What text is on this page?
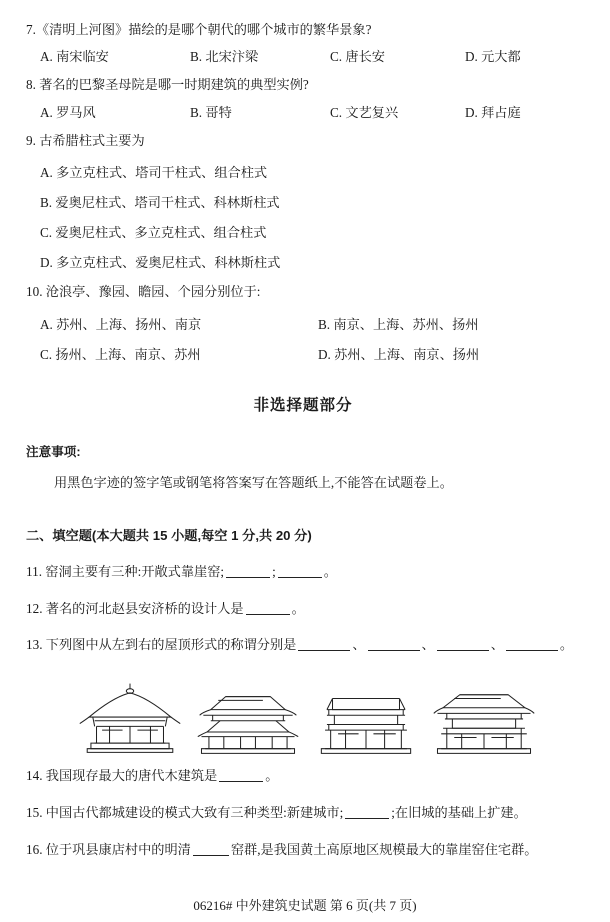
7.《清明上河图》描绘的是哪个朝代的哪个城市的繁华景象?
A. 南宋临安	B. 北宋汴梁	C. 唐长安	D. 元大都
8. 著名的巴黎圣母院是哪一时期建筑的典型实例?
A. 罗马风	B. 哥特	C. 文艺复兴	D. 拜占庭
9. 古希腊柱式主要为
A. 多立克柱式、塔司干柱式、组合柱式
B. 爱奥尼柱式、塔司干柱式、科林斯柱式
C. 爱奥尼柱式、多立克柱式、组合柱式
D. 多立克柱式、爱奥尼柱式、科林斯柱式
10. 沧浪亭、豫园、瞻园、个园分别位于:
A. 苏州、上海、扬州、南京	B. 南京、上海、苏州、扬州
C. 扬州、上海、南京、苏州	D. 苏州、上海、南京、扬州
非选择题部分
注意事项:
用黑色字迹的签字笔或钢笔将答案写在答题纸上,不能答在试题卷上。
二、填空题(本大题共 15 小题,每空 1 分,共 20 分)
11. 窑洞主要有三种:开敞式靠崖窑;	;	。
12. 著名的河北赵县安济桥的设计人是	。
13. 下列图中从左到右的屋顶形式的称谓分别是	、	、	、	。
14. 我国现存最大的唐代木建筑是	。
15. 中国古代都城建设的模式大致有三种类型:新建城市;	;在旧城的基础上扩建。
16. 位于巩县康店村中的明清	窑群,是我国黄土高原地区规模最大的靠崖窑住宅群。
06216# 中外建筑史试题 第 6 页(共 7 页)
